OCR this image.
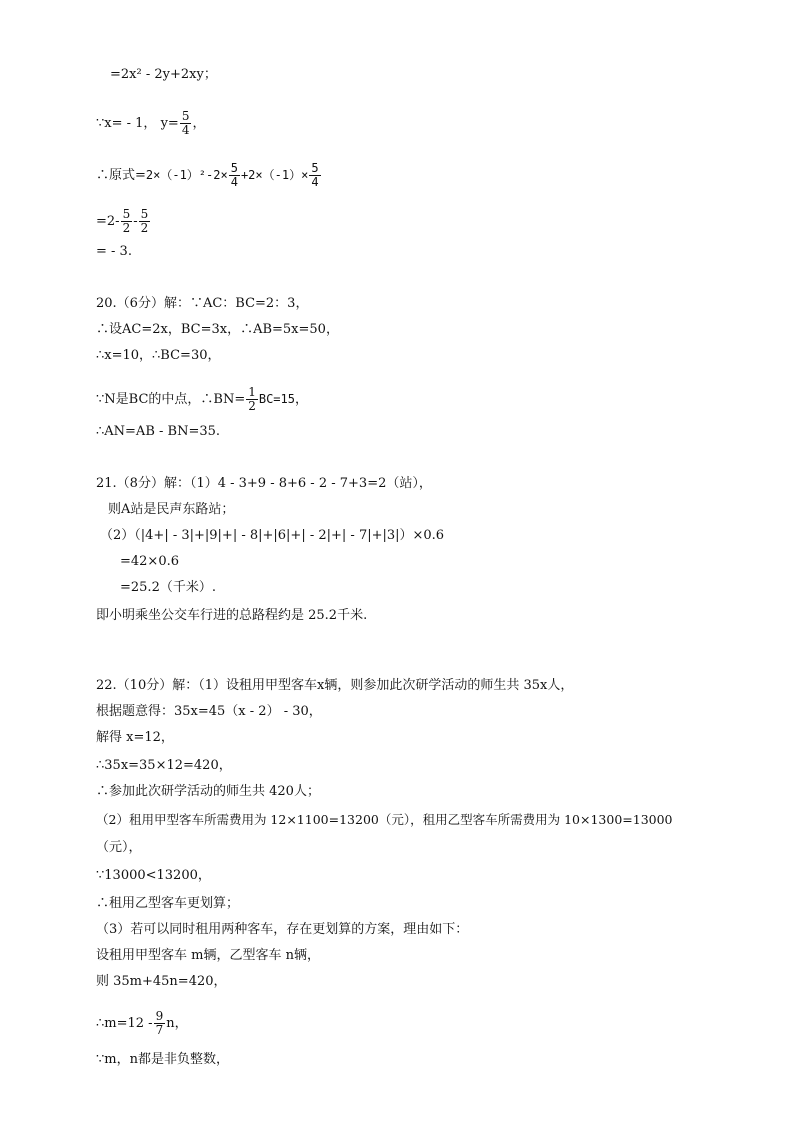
=2x² - 2y+2xy；
∵x= - 1， $y= \frac{5}{4}$ ，
∴原式$=2\times(-1)^2-2\times \frac{5}{4} +2\times(-1)\times \frac{5}{4}$
$=2- \frac{5}{2} - \frac{5}{2}$
= - 3.
20.（6分）解：∵AC：BC=2：3，
∴设AC=2x，BC=3x，∴AB=5x=50，
∴x=10，∴BC=30，
∵N是BC的中点，∴BN= $\frac{1}{2} BC=15$，
∴AN=AB - BN=35.
21.（8分）解：（1）4 - 3+9 - 8+6 - 2 - 7+3=2（站），
则A站是民声东路站；
（2）（|4+| - 3|+|9|+| - 8|+|6|+| - 2|+| - 7|+|3|）×0.6
=42×0.6
=25.2（千米）.
即小明乘坐公交车行进的总路程约是 25.2千米.
22.（10分）解：（1）设租用甲型客车x辆，则参加此次研学活动的师生共 35x人，
根据题意得：35x=45（x - 2） - 30，
解得 x=12，
∴35x=35×12=420，
∴参加此次研学活动的师生共 420人；
（2）租用甲型客车所需费用为 12×1100=13200（元），租用乙型客车所需费用为 10×1300=13000
（元），
∵13000<13200，
∴租用乙型客车更划算；
（3）若可以同时租用两种客车，存在更划算的方案，理由如下：
设租用甲型客车 m辆，乙型客车 n辆，
则 35m+45n=420，
∴m=12 - $\frac{9}{7}$ n，
∵m，n都是非负整数，
